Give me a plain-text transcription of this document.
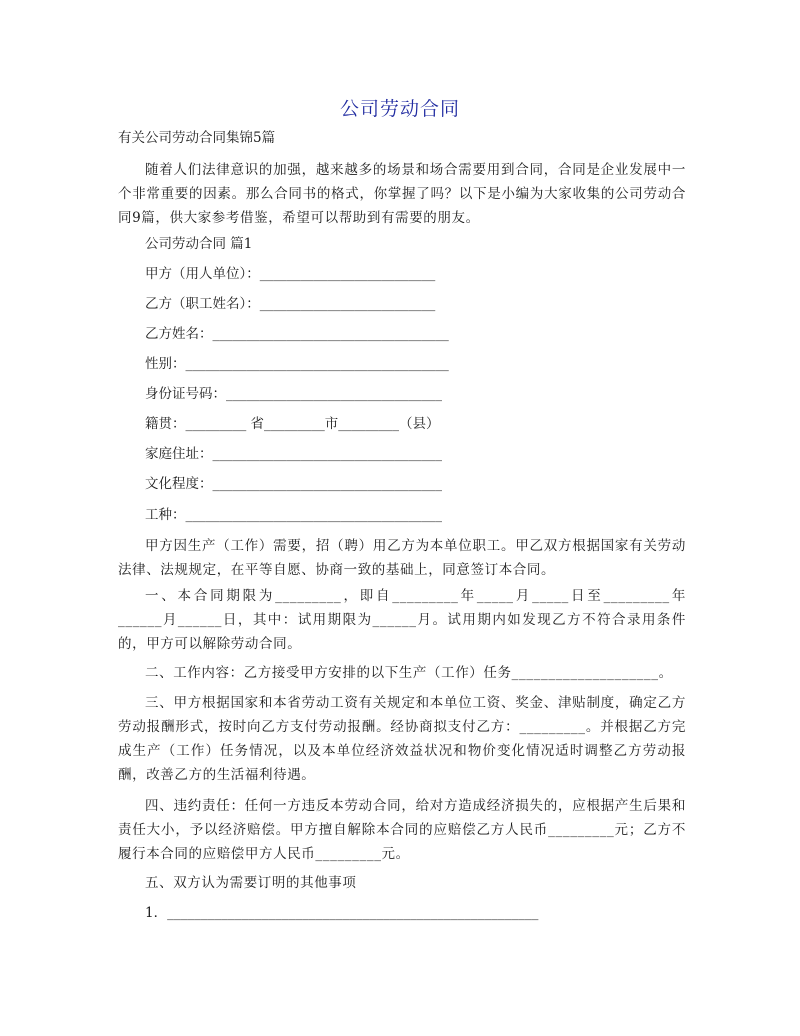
公司劳动合同
有关公司劳动合同集锦5篇
随着人们法律意识的加强，越来越多的场景和场合需要用到合同，合同是企业发展中一个非常重要的因素。那么合同书的格式，你掌握了吗？以下是小编为大家收集的公司劳动合同9篇，供大家参考借鉴，希望可以帮助到有需要的朋友。
公司劳动合同 篇1
甲方（用人单位）：__________________________
乙方（职工姓名）：__________________________
乙方姓名：___________________________________
性别：_______________________________________
身份证号码：________________________________
籍贯：_________ 省_________市_________（县）
家庭住址：__________________________________
文化程度：__________________________________
工种：______________________________________
甲方因生产（工作）需要，招（聘）用乙方为本单位职工。甲乙双方根据国家有关劳动法律、法规规定，在平等自愿、协商一致的基础上，同意签订本合同。
一、本合同期限为_________，即自_________年_____月_____日至_________年______月______日，其中：试用期限为______月。试用期内如发现乙方不符合录用条件的，甲方可以解除劳动合同。
二、工作内容：乙方接受甲方安排的以下生产（工作）任务____________________。
三、甲方根据国家和本省劳动工资有关规定和本单位工资、奖金、津贴制度，确定乙方劳动报酬形式，按时向乙方支付劳动报酬。经协商拟支付乙方：_________。并根据乙方完成生产（工作）任务情况，以及本单位经济效益状况和物价变化情况适时调整乙方劳动报酬，改善乙方的生活福利待遇。
四、违约责任：任何一方违反本劳动合同，给对方造成经济损失的，应根据产生后果和责任大小，予以经济赔偿。甲方擅自解除本合同的应赔偿乙方人民币_________元；乙方不履行本合同的应赔偿甲方人民币_________元。
五、双方认为需要订明的其他事项
1．_______________________________________________________
